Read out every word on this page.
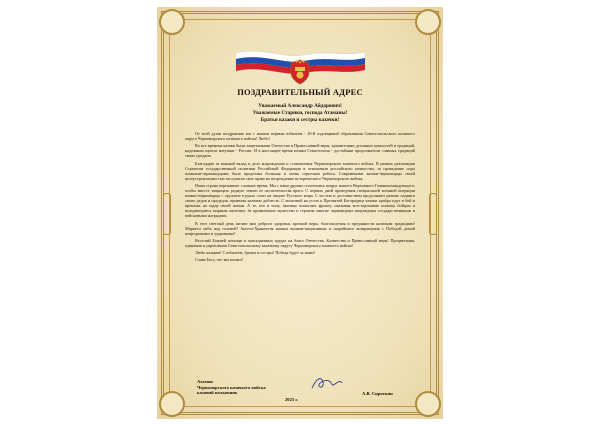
ПОЗДРАВИТЕЛЬНЫЙ АДРЕС
Уважаемый Александр Айдарович!
Уважаемые Старики, господа Атаманы!
Братья казаки и сестры казачки!

От всей души поздравляю вас с нашим первым юбилеем - 10-й годовщиной образования Севастопольского казачьего округа Черноморского казачьего войска! Любо!

Во все времена казаки были защитниками Отечества и Православной веры, хранителями духовных ценностей и традиций, надежным щитом матушки - России. И в настоящее время казаки Севастополя - достойные продолжатели славных традиций своих предков.

Благодарю за важный вклад в дело возрождения и становления Черноморского казачьего войска. В рамках реализации Стратегии государственной политики Российской Федерации в отношении российского казачества, за проведение годы казаками-черноморцами была проделана большая и очень серьезная работа. Современные казаки-черноморцы своей целеустремленностью заслужили свое право на возрождение исторического Черноморского войска.

Наша страна переживает сложное время. Мы с вами дружно сплотились вокруг нашего Верховного Главнокомандующего, чтобы вместе защищать родную землю от посягательства врага. С первых дней проведения специальной военной операции казаки-черноморцы с оружием в руках стоят на защите Русского мира. С честью и достоинством продолжают ратные подвиги своих дедов и прадедов, проявляя казачью доблесть. С молитвой на устах к Пресвятой Богородице казаки храбро идут в бой и времени, не щадя своей жизни. А те, кто в тылу, активно помогают фронту, оказывая всестороннюю помощь бойцам и нуждающимся мирным жителям. За проявленное мужество и героизм многие черноморцы награждены государственными и войсковыми наградами.

В этот светлый день желаю вам доброго здоровья, крепкой веры, благополучия и преданности казачьим традициям! Мирного неба над головой! Ангела-Хранителя нашим воинам-защитникам и скорейшего возвращения с Победой домой невредимыми и здоровыми!

Веселый Божией помощи в повседневных трудах на благо Отечества, Казачества и Православной веры! Процветания, единения и укрепления Севастопольскому казачьему округу Черноморского казачьего войска!

Любо казакам! С юбилеем, братья и сестры! Победа будет за нами!

Слава Богу, что мы казаки!

Атаман
Черноморского казачьего войска
казачий полковник	А.В. Сироткин
2025 г.
